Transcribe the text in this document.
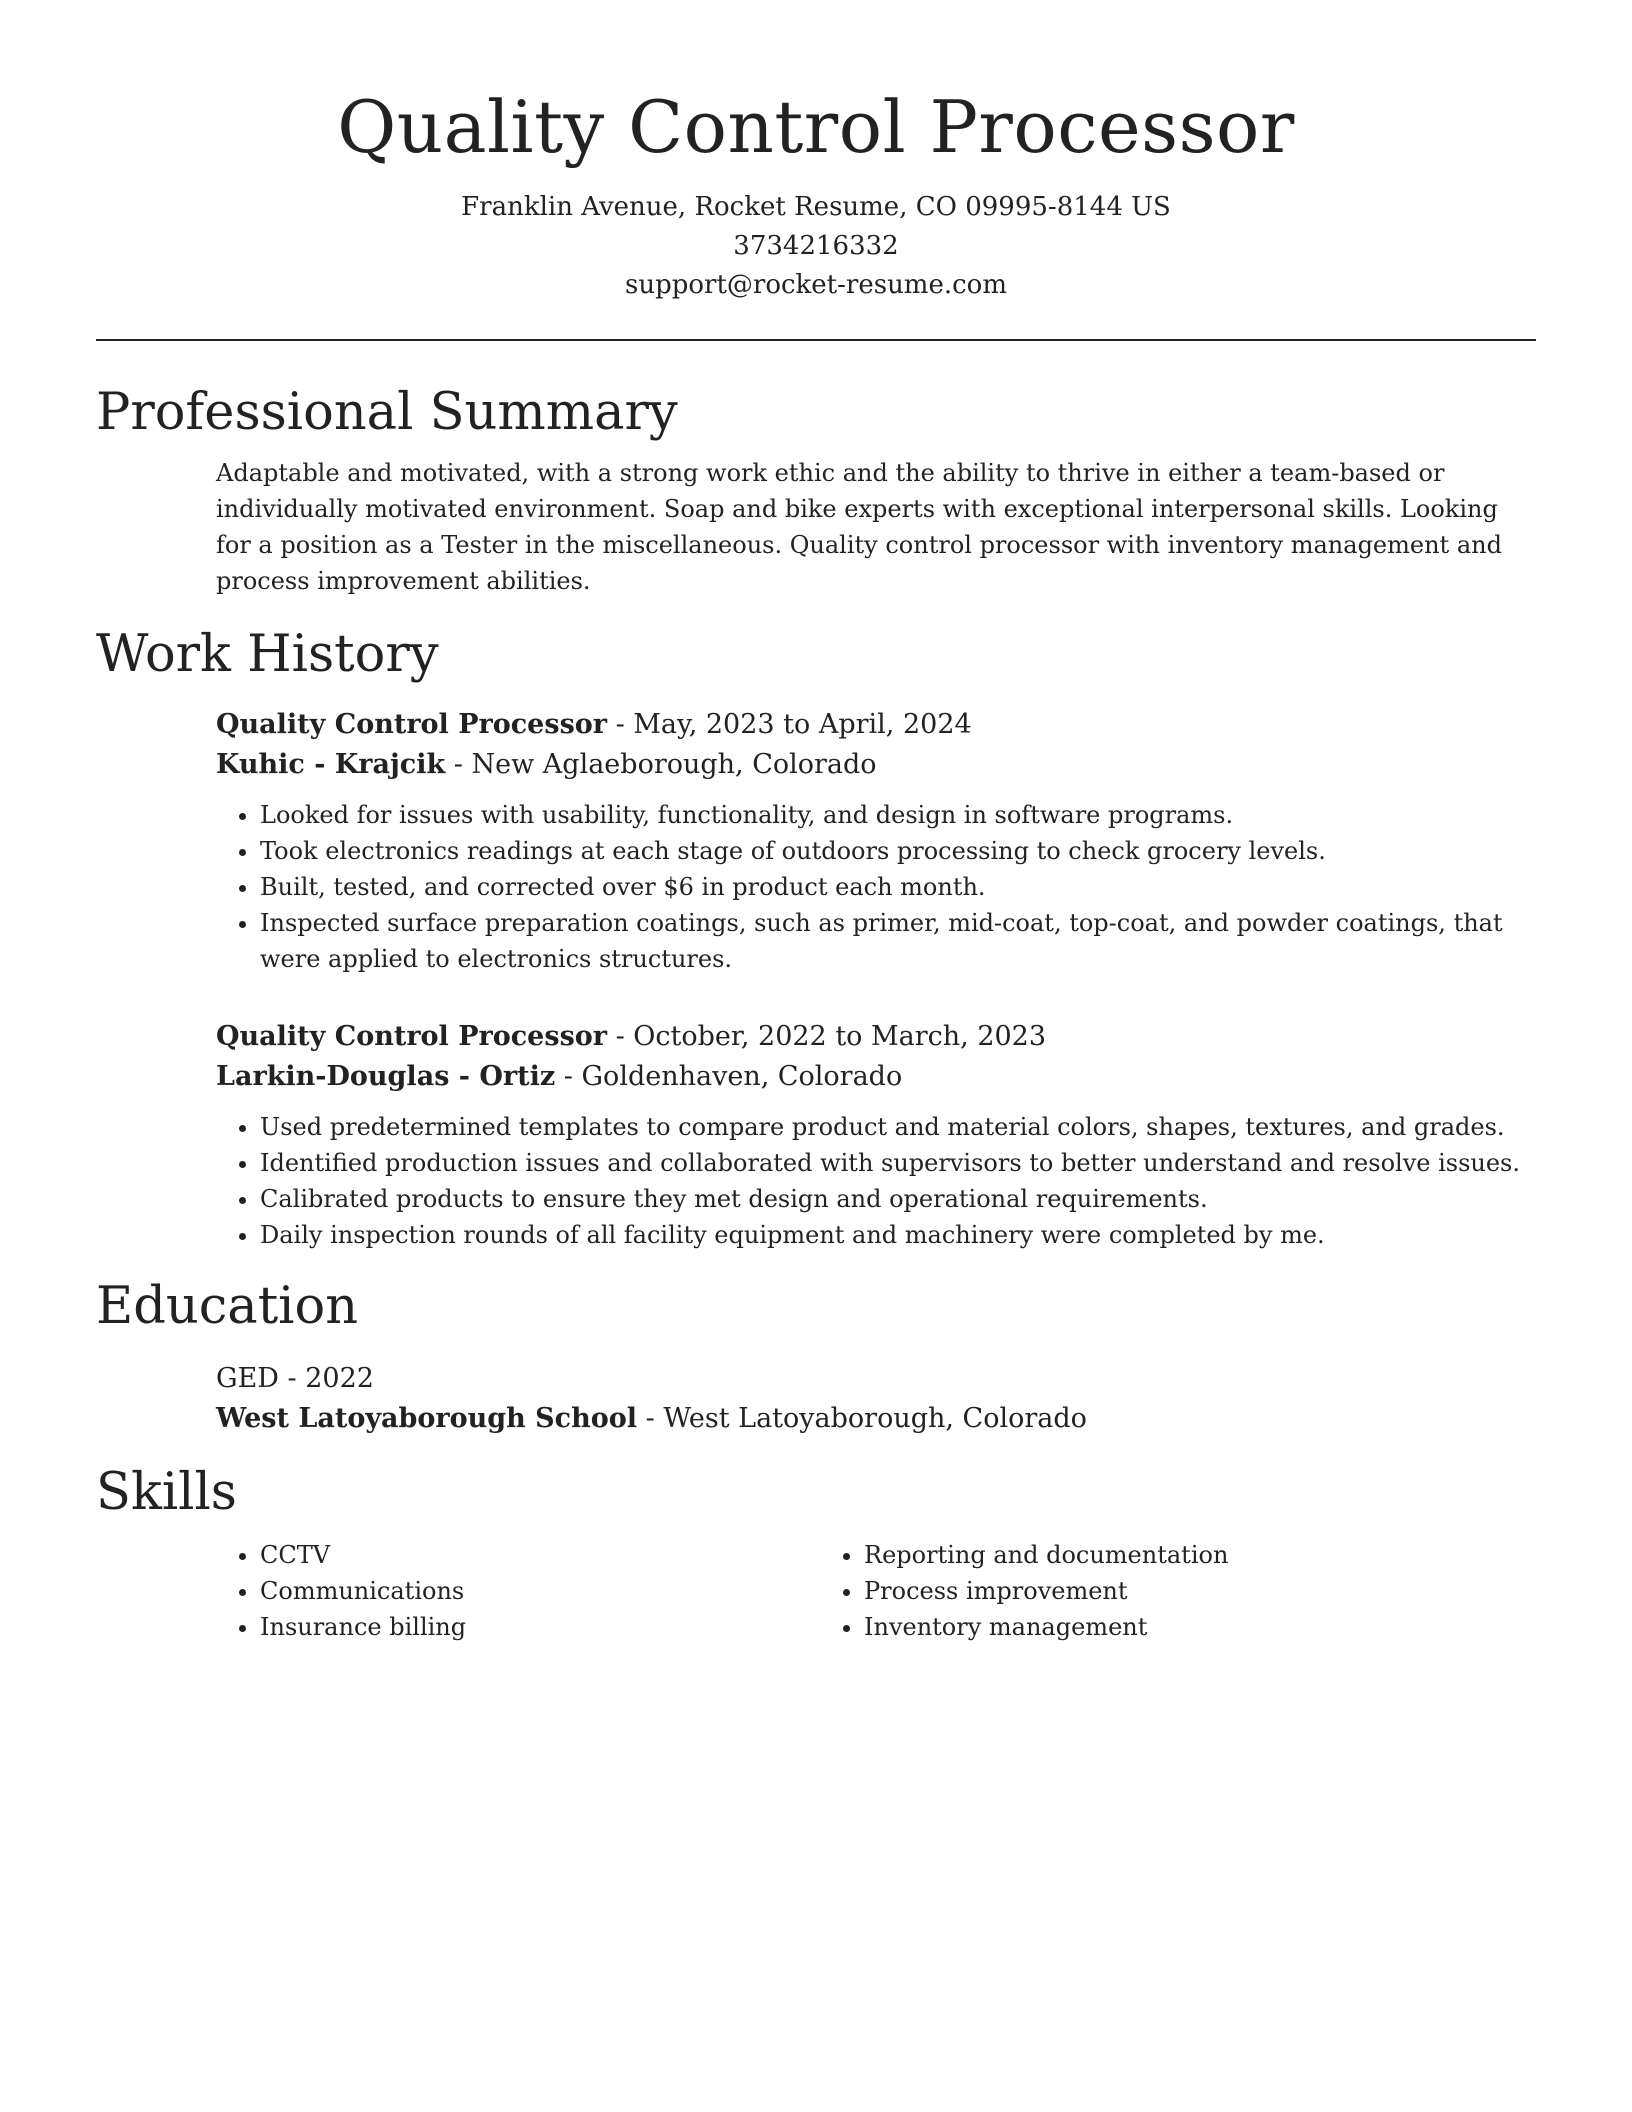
Quality Control Processor
Franklin Avenue, Rocket Resume, CO 09995-8144 US
3734216332
support@rocket-resume.com
Professional Summary
Adaptable and motivated, with a strong work ethic and the ability to thrive in either a team-based or individually motivated environment. Soap and bike experts with exceptional interpersonal skills. Looking for a position as a Tester in the miscellaneous. Quality control processor with inventory management and process improvement abilities.
Work History
Quality Control Processor - May, 2023 to April, 2024
Kuhic - Krajcik - New Aglaeborough, Colorado
• Looked for issues with usability, functionality, and design in software programs.
• Took electronics readings at each stage of outdoors processing to check grocery levels.
• Built, tested, and corrected over $6 in product each month.
• Inspected surface preparation coatings, such as primer, mid-coat, top-coat, and powder coatings, that were applied to electronics structures.
Quality Control Processor - October, 2022 to March, 2023
Larkin-Douglas - Ortiz - Goldenhaven, Colorado
• Used predetermined templates to compare product and material colors, shapes, textures, and grades.
• Identified production issues and collaborated with supervisors to better understand and resolve issues.
• Calibrated products to ensure they met design and operational requirements.
• Daily inspection rounds of all facility equipment and machinery were completed by me.
Education
GED - 2022
West Latoyaborough School - West Latoyaborough, Colorado
Skills
• CCTV
• Communications
• Insurance billing
• Reporting and documentation
• Process improvement
• Inventory management
